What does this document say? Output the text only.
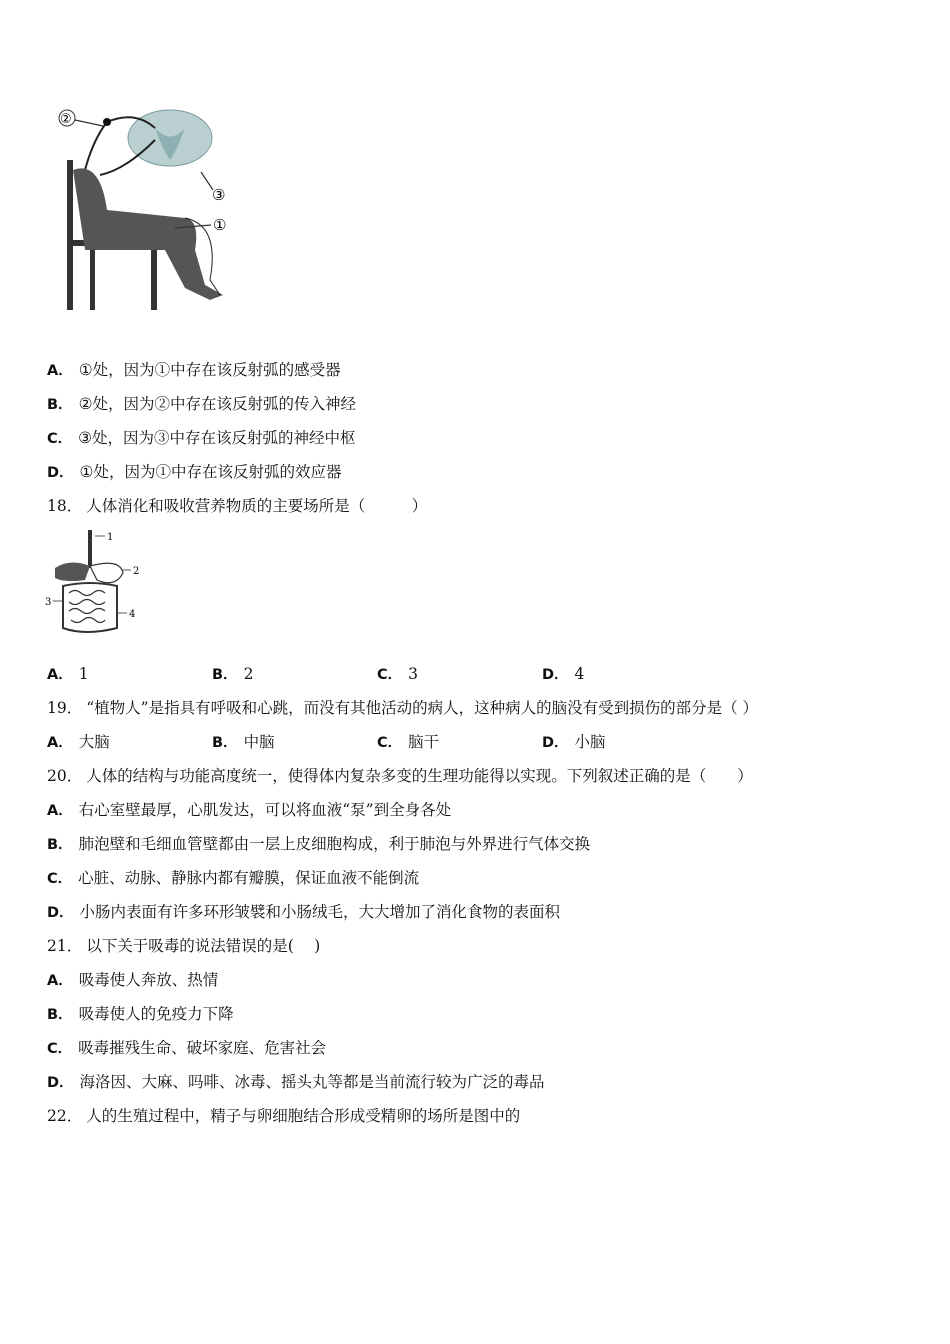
②
③
①
A． ①处，因为①中存在该反射弧的感受器
B． ②处，因为②中存在该反射弧的传入神经
C． ③处，因为③中存在该反射弧的神经中枢
D． ①处，因为①中存在该反射弧的效应器
18． 人体消化和吸收营养物质的主要场所是（　　　）
1
2
3
4
A． 1	B． 2	C． 3	D． 4
19． “植物人”是指具有呼吸和心跳，而没有其他活动的病人，这种病人的脑没有受到损伤的部分是（ ）
A． 大脑	B． 中脑	C． 脑干	D． 小脑
20． 人体的结构与功能高度统一，使得体内复杂多变的生理功能得以实现。下列叙述正确的是（　　）
A． 右心室壁最厚，心肌发达，可以将血液“泵”到全身各处
B． 肺泡壁和毛细血管壁都由一层上皮细胞构成，利于肺泡与外界进行气体交换
C． 心脏、动脉、静脉内都有瓣膜，保证血液不能倒流
D． 小肠内表面有许多环形皱襞和小肠绒毛，大大增加了消化食物的表面积
21． 以下关于吸毒的说法错误的是(　 )
A． 吸毒使人奔放、热情
B． 吸毒使人的免疫力下降
C． 吸毒摧残生命、破坏家庭、危害社会
D． 海洛因、大麻、吗啡、冰毒、摇头丸等都是当前流行较为广泛的毒品
22． 人的生殖过程中，精子与卵细胞结合形成受精卵的场所是图中的
